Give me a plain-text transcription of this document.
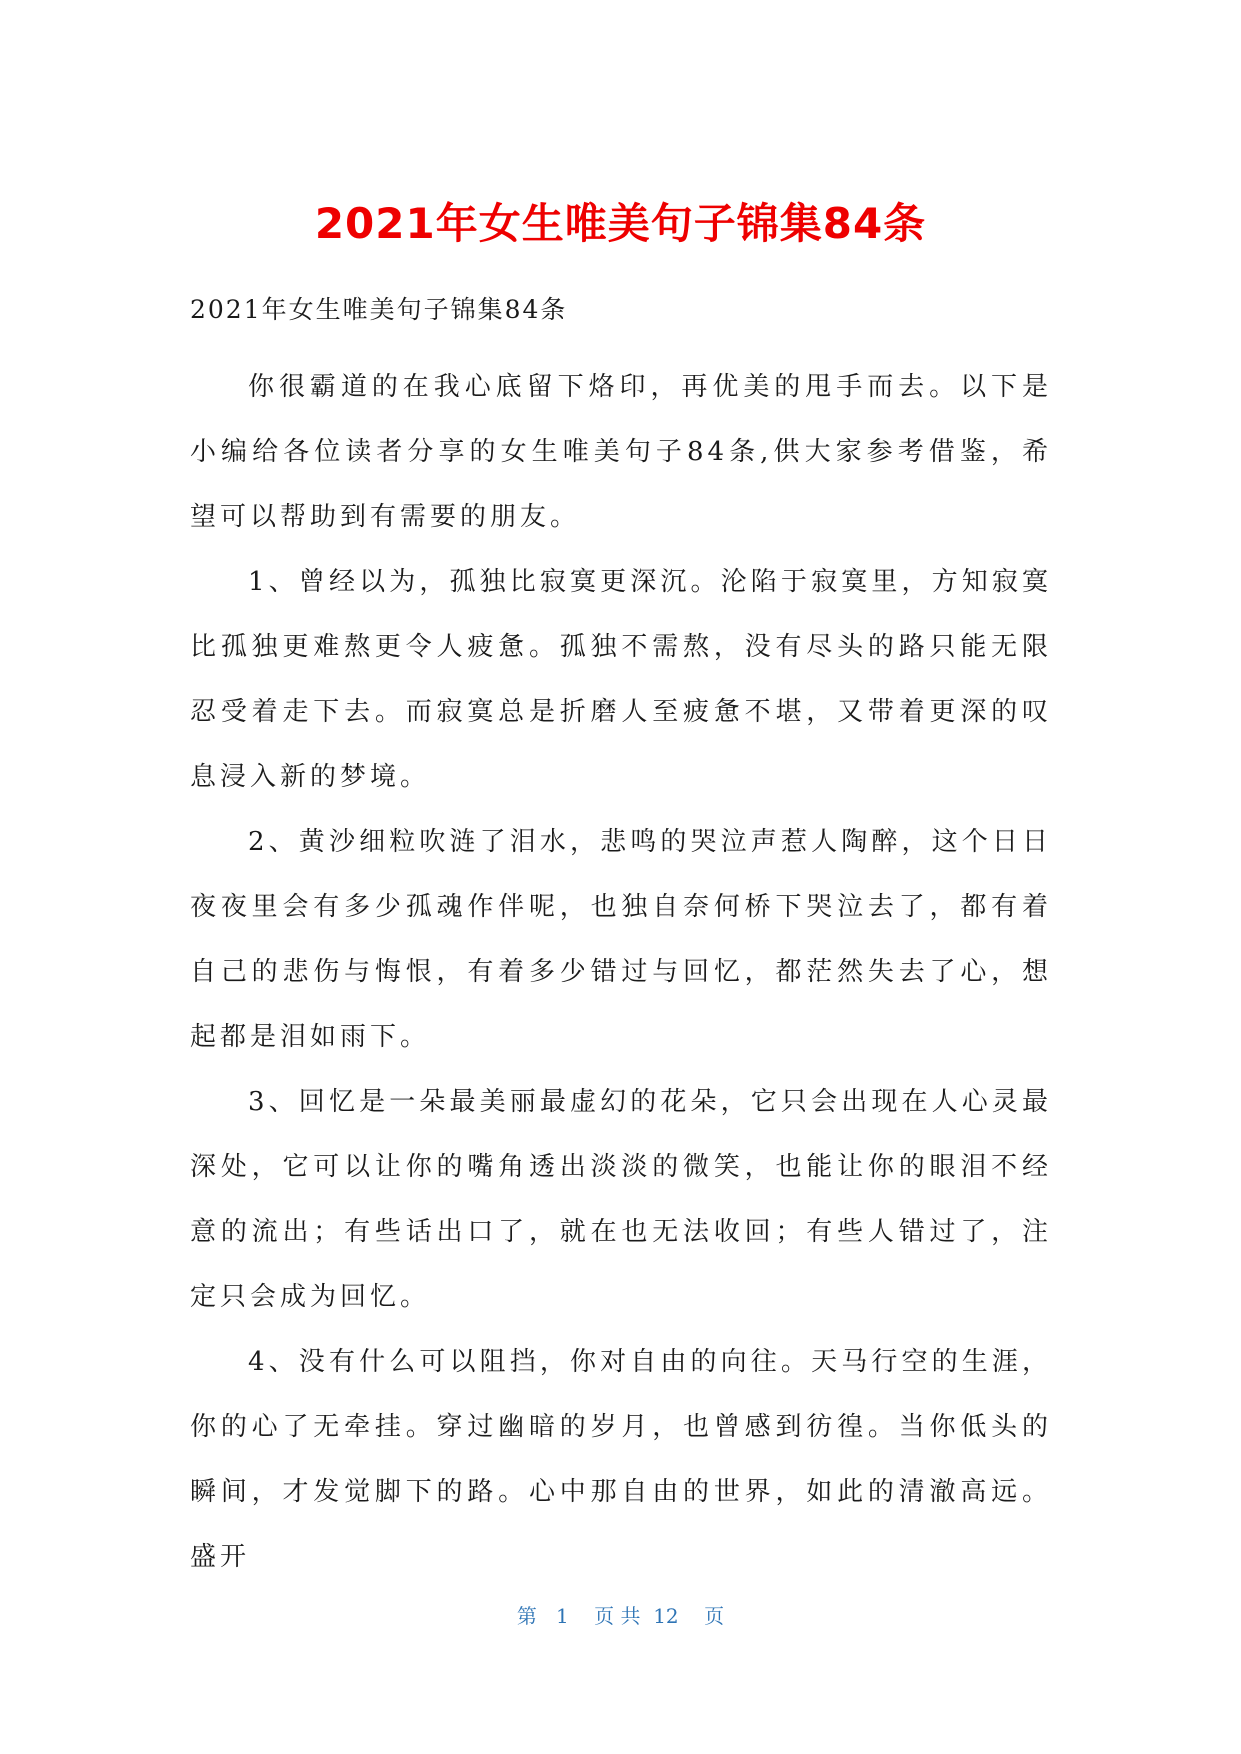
2021年女生唯美句子锦集84条
2021年女生唯美句子锦集84条

你很霸道的在我心底留下烙印，再优美的甩手而去。以下是小编给各位读者分享的女生唯美句子84条,供大家参考借鉴，希望可以帮助到有需要的朋友。

1、曾经以为，孤独比寂寞更深沉。沦陷于寂寞里，方知寂寞比孤独更难熬更令人疲惫。孤独不需熬，没有尽头的路只能无限忍受着走下去。而寂寞总是折磨人至疲惫不堪，又带着更深的叹息浸入新的梦境。

2、黄沙细粒吹涟了泪水，悲鸣的哭泣声惹人陶醉，这个日日夜夜里会有多少孤魂作伴呢，也独自奈何桥下哭泣去了，都有着自己的悲伤与悔恨，有着多少错过与回忆，都茫然失去了心，想起都是泪如雨下。

3、回忆是一朵最美丽最虚幻的花朵，它只会出现在人心灵最深处，它可以让你的嘴角透出淡淡的微笑，也能让你的眼泪不经意的流出；有些话出口了，就在也无法收回；有些人错过了，注定只会成为回忆。

4、没有什么可以阻挡，你对自由的向往。天马行空的生涯，你的心了无牵挂。穿过幽暗的岁月，也曾感到彷徨。当你低头的瞬间，才发觉脚下的路。心中那自由的世界，如此的清澈高远。盛开

第   1    页 共  12    页
